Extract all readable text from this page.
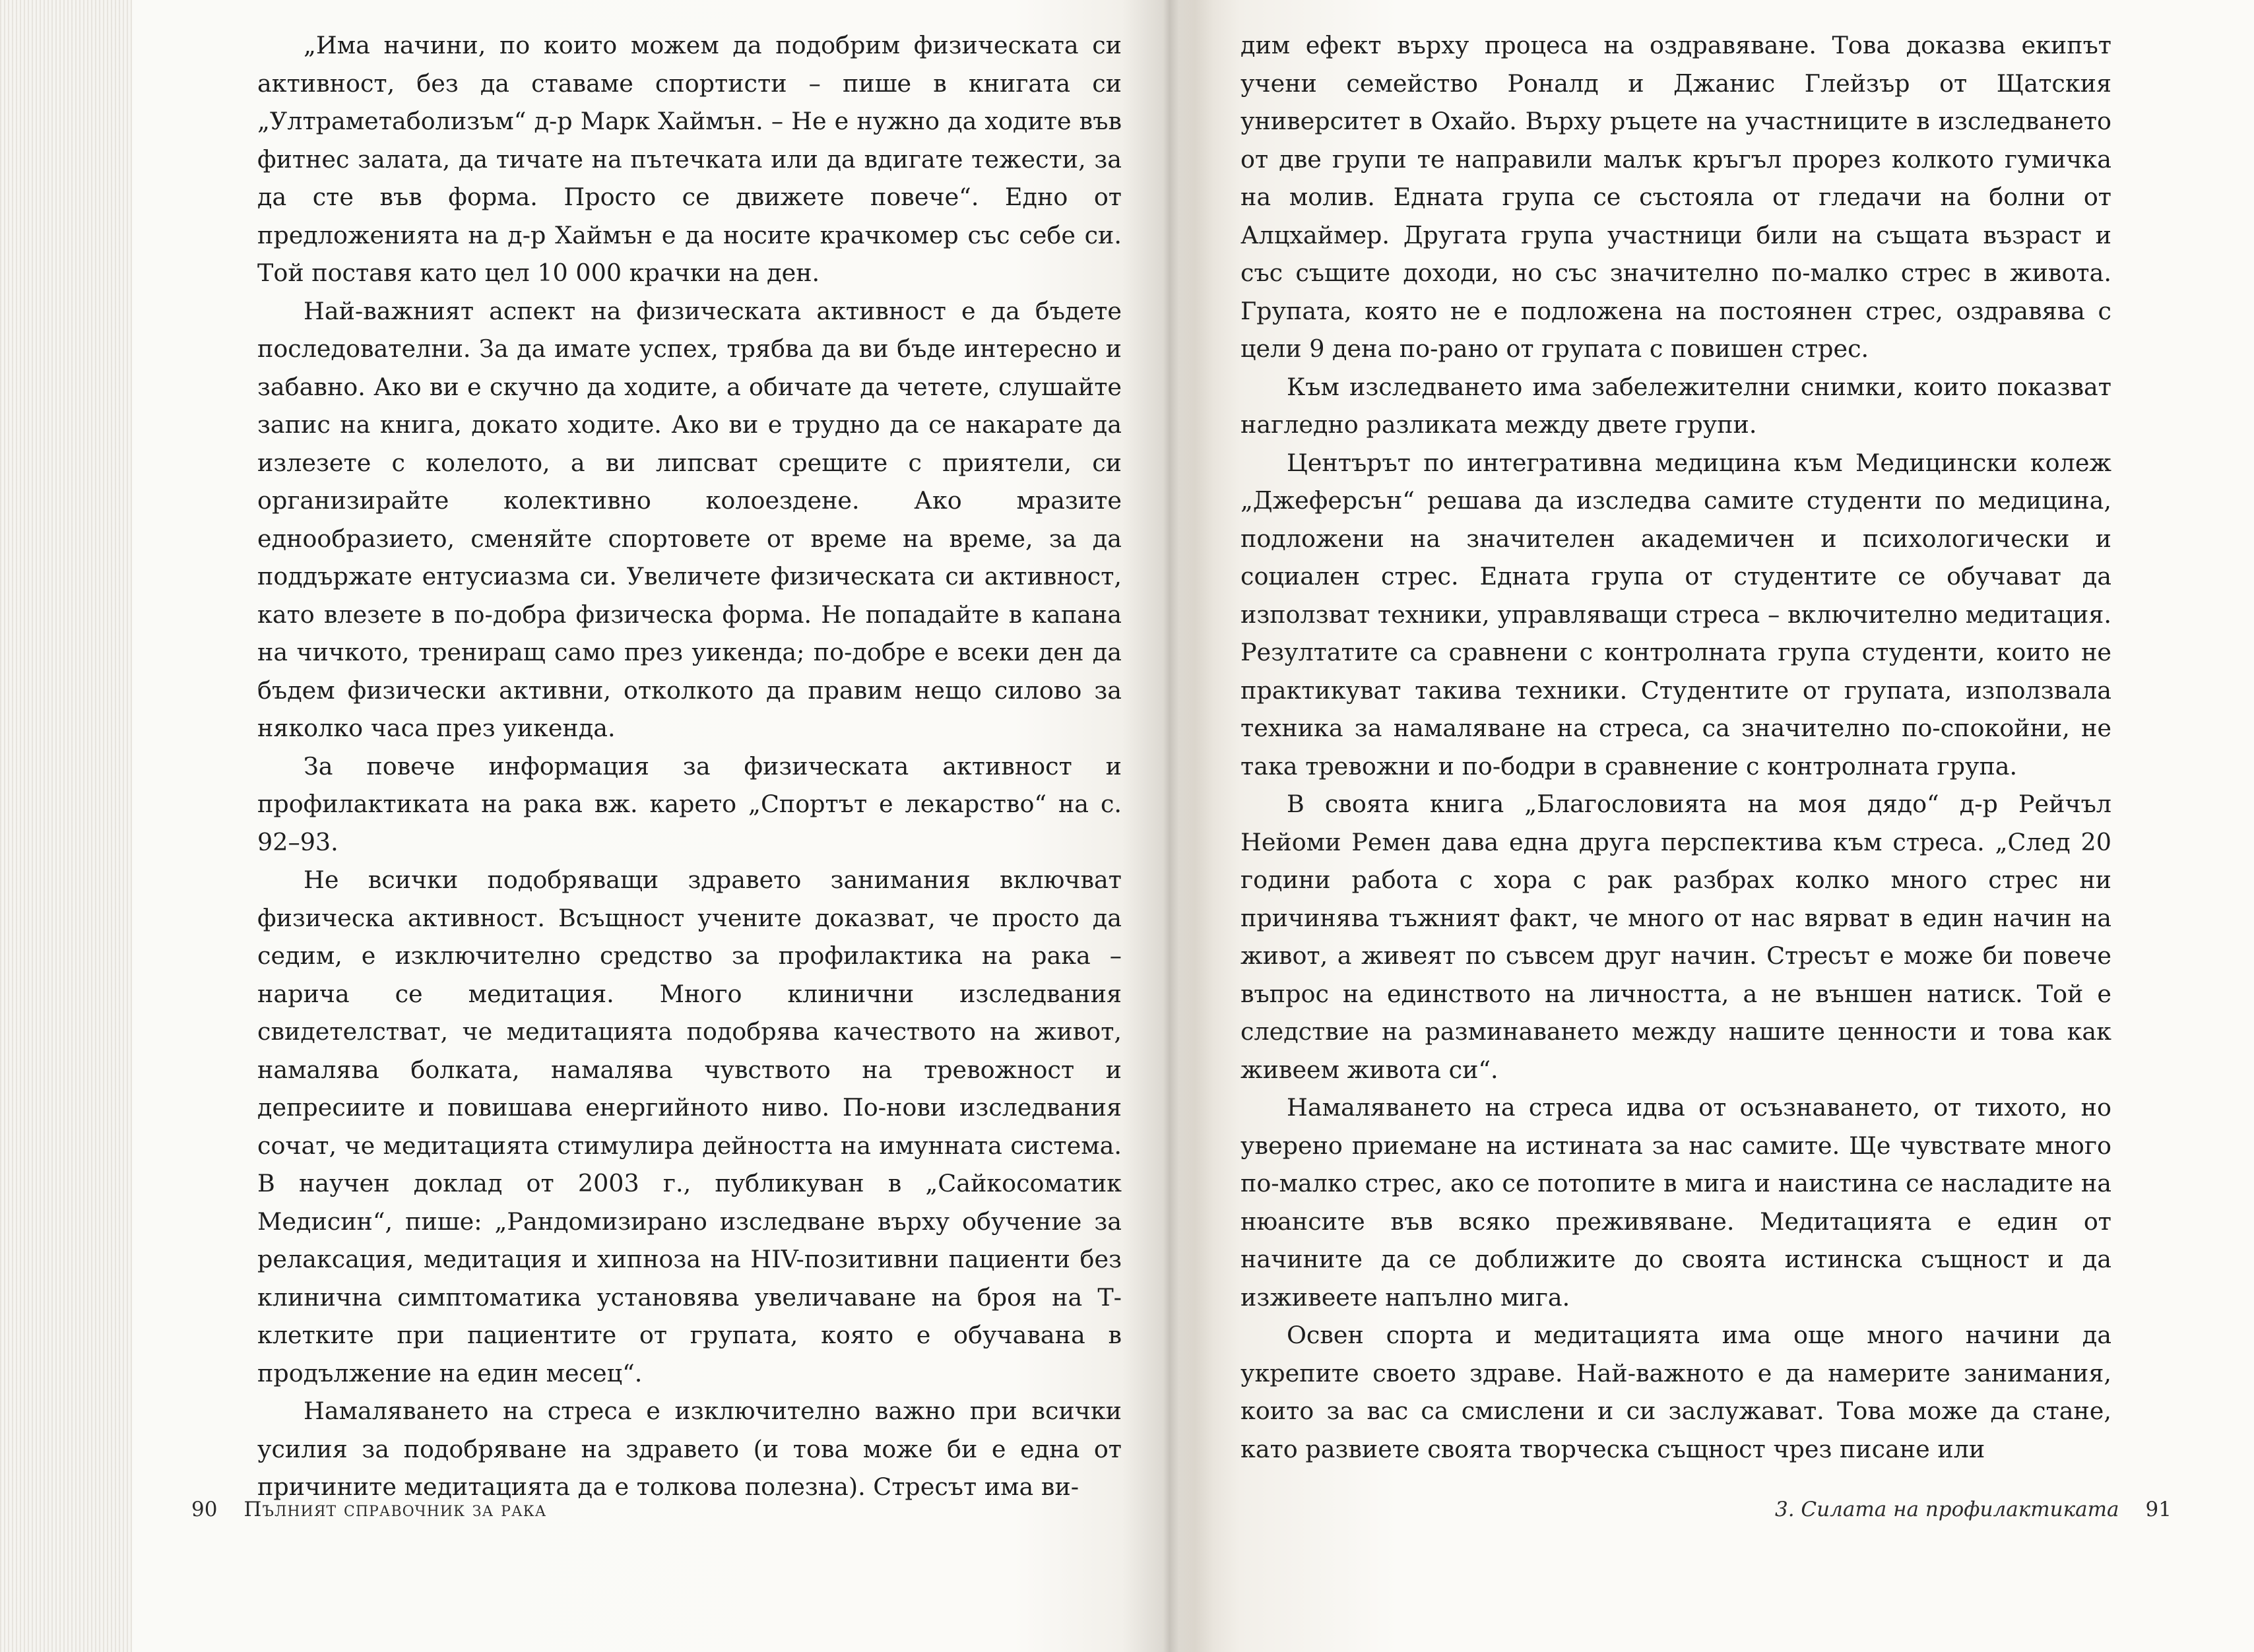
„Има начини, по които можем да подобрим физическата си активност, без да ставаме спортисти – пише в книгата си „Ултраметаболизъм“ д-р Марк Хаймън. – Не е нужно да ходите във фитнес залата, да тичате на пътечката или да вдигате тежести, за да сте във форма. Просто се движете повече“. Едно от предложенията на д-р Хаймън е да носите крачкомер със себе си. Той поставя като цел 10 000 крачки на ден.

Най-важният аспект на физическата активност е да бъдете последователни. За да имате успех, трябва да ви бъде интересно и забавно. Ако ви е скучно да ходите, а обичате да четете, слушайте запис на книга, докато ходите. Ако ви е трудно да се накарате да излезете с колелото, а ви липсват срещите с приятели, си организирайте колективно колоездене. Ако мразите еднообразието, сменяйте спортовете от време на време, за да поддържате ентусиазма си. Увеличете физическата си активност, като влезете в по-добра физическа форма. Не попадайте в капана на чичкото, трениращ само през уикенда; по-добре е всеки ден да бъдем физически активни, отколкото да правим нещо силово за няколко часа през уикенда.

За повече информация за физическата активност и профилактиката на рака вж. карето „Спортът е лекарство“ на с. 92–93.

Не всички подобряващи здравето занимания включват физическа активност. Всъщност учените доказват, че просто да седим, е изключително средство за профилактика на рака – нарича се медитация. Много клинични изследвания свидетелстват, че медитацията подобрява качеството на живот, намалява болката, намалява чувството на тревожност и депресиите и повишава енергийното ниво. По-нови изследвания сочат, че медитацията стимулира дейността на имунната система. В научен доклад от 2003 г., публикуван в „Сайкосоматик Медисин“, пише: „Рандомизирано изследване върху обучение за релаксация, медитация и хипноза на HIV-позитивни пациенти без клинична симптоматика установява увеличаване на броя на Т-клетките при пациентите от групата, която е обучавана в продължение на един месец“.

Намаляването на стреса е изключително важно при всички усилия за подобряване на здравето (и това може би е една от причините медитацията да е толкова полезна). Стресът има ви-

дим ефект върху процеса на оздравяване. Това доказва екипът учени семейство Роналд и Джанис Глейзър от Щатския университет в Охайо. Върху ръцете на участниците в изследването от две групи те направили малък кръгъл прорез колкото гумичка на молив. Едната група се състояла от гледачи на болни от Алцхаймер. Другата група участници били на същата възраст и със същите доходи, но със значително по-малко стрес в живота. Групата, която не е подложена на постоянен стрес, оздравява с цели 9 дена по-рано от групата с повишен стрес.

Към изследването има забележителни снимки, които показват нагледно разликата между двете групи.

Центърът по интегративна медицина към Медицински колеж „Джеферсън“ решава да изследва самите студенти по медицина, подложени на значителен академичен и психологически и социален стрес. Едната група от студентите се обучават да използват техники, управляващи стреса – включително медитация. Резултатите са сравнени с контролната група студенти, които не практикуват такива техники. Студентите от групата, използвала техника за намаляване на стреса, са значително по-спокойни, не така тревожни и по-бодри в сравнение с контролната група.

В своята книга „Благословията на моя дядо“ д-р Рейчъл Нейоми Ремен дава една друга перспектива към стреса. „След 20 години работа с хора с рак разбрах колко много стрес ни причинява тъжният факт, че много от нас вярват в един начин на живот, а живеят по съвсем друг начин. Стресът е може би повече въпрос на единството на личността, а не външен натиск. Той е следствие на разминаването между нашите ценности и това как живеем живота си“.

Намаляването на стреса идва от осъзнаването, от тихото, но уверено приемане на истината за нас самите. Ще чувствате много по-малко стрес, ако се потопите в мига и наистина се насладите на нюансите във всяко преживяване. Медитацията е един от начините да се доближите до своята истинска същност и да изживеете напълно мига.

Освен спорта и медитацията има още много начини да укрепите своето здраве. Най-важното е да намерите занимания, които за вас са смислени и си заслужават. Това може да стане, като развиете своята творческа същност чрез писане или

90 Пълният справочник за рака	3. Силата на профилактиката 91
